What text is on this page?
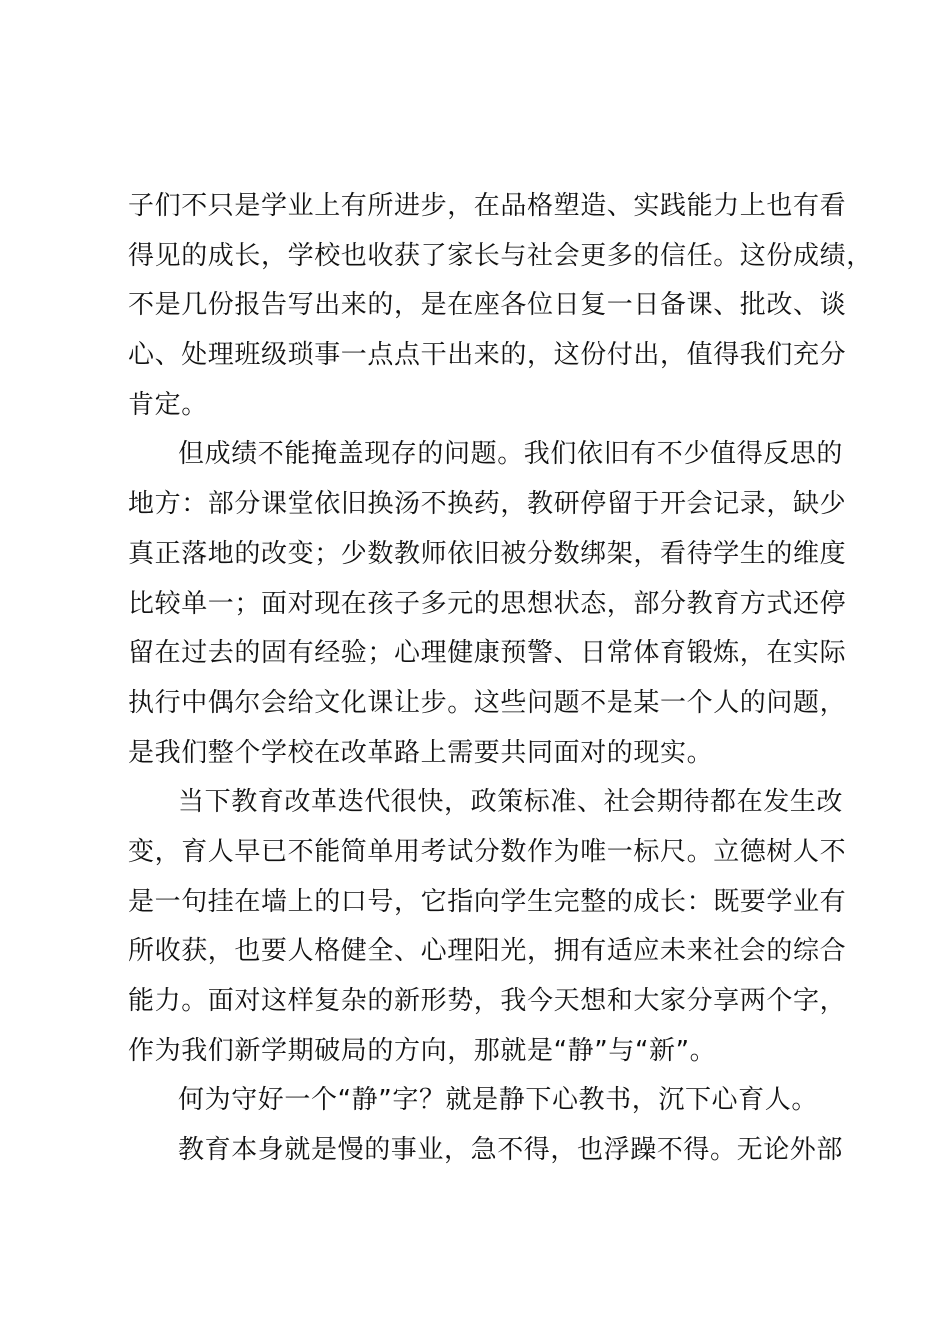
子们不只是学业上有所进步，在品格塑造、实践能力上也有看
得见的成长，学校也收获了家长与社会更多的信任。这份成绩，
不是几份报告写出来的，是在座各位日复一日备课、批改、谈
心、处理班级琐事一点点干出来的，这份付出，值得我们充分
肯定。
但成绩不能掩盖现存的问题。我们依旧有不少值得反思的
地方：部分课堂依旧换汤不换药，教研停留于开会记录，缺少
真正落地的改变；少数教师依旧被分数绑架，看待学生的维度
比较单一；面对现在孩子多元的思想状态，部分教育方式还停
留在过去的固有经验；心理健康预警、日常体育锻炼，在实际
执行中偶尔会给文化课让步。这些问题不是某一个人的问题，
是我们整个学校在改革路上需要共同面对的现实。
当下教育改革迭代很快，政策标准、社会期待都在发生改
变，育人早已不能简单用考试分数作为唯一标尺。立德树人不
是一句挂在墙上的口号，它指向学生完整的成长：既要学业有
所收获，也要人格健全、心理阳光，拥有适应未来社会的综合
能力。面对这样复杂的新形势，我今天想和大家分享两个字，
作为我们新学期破局的方向，那就是“静”与“新”。
何为守好一个“静”字？就是静下心教书，沉下心育人。
教育本身就是慢的事业，急不得，也浮躁不得。无论外部
